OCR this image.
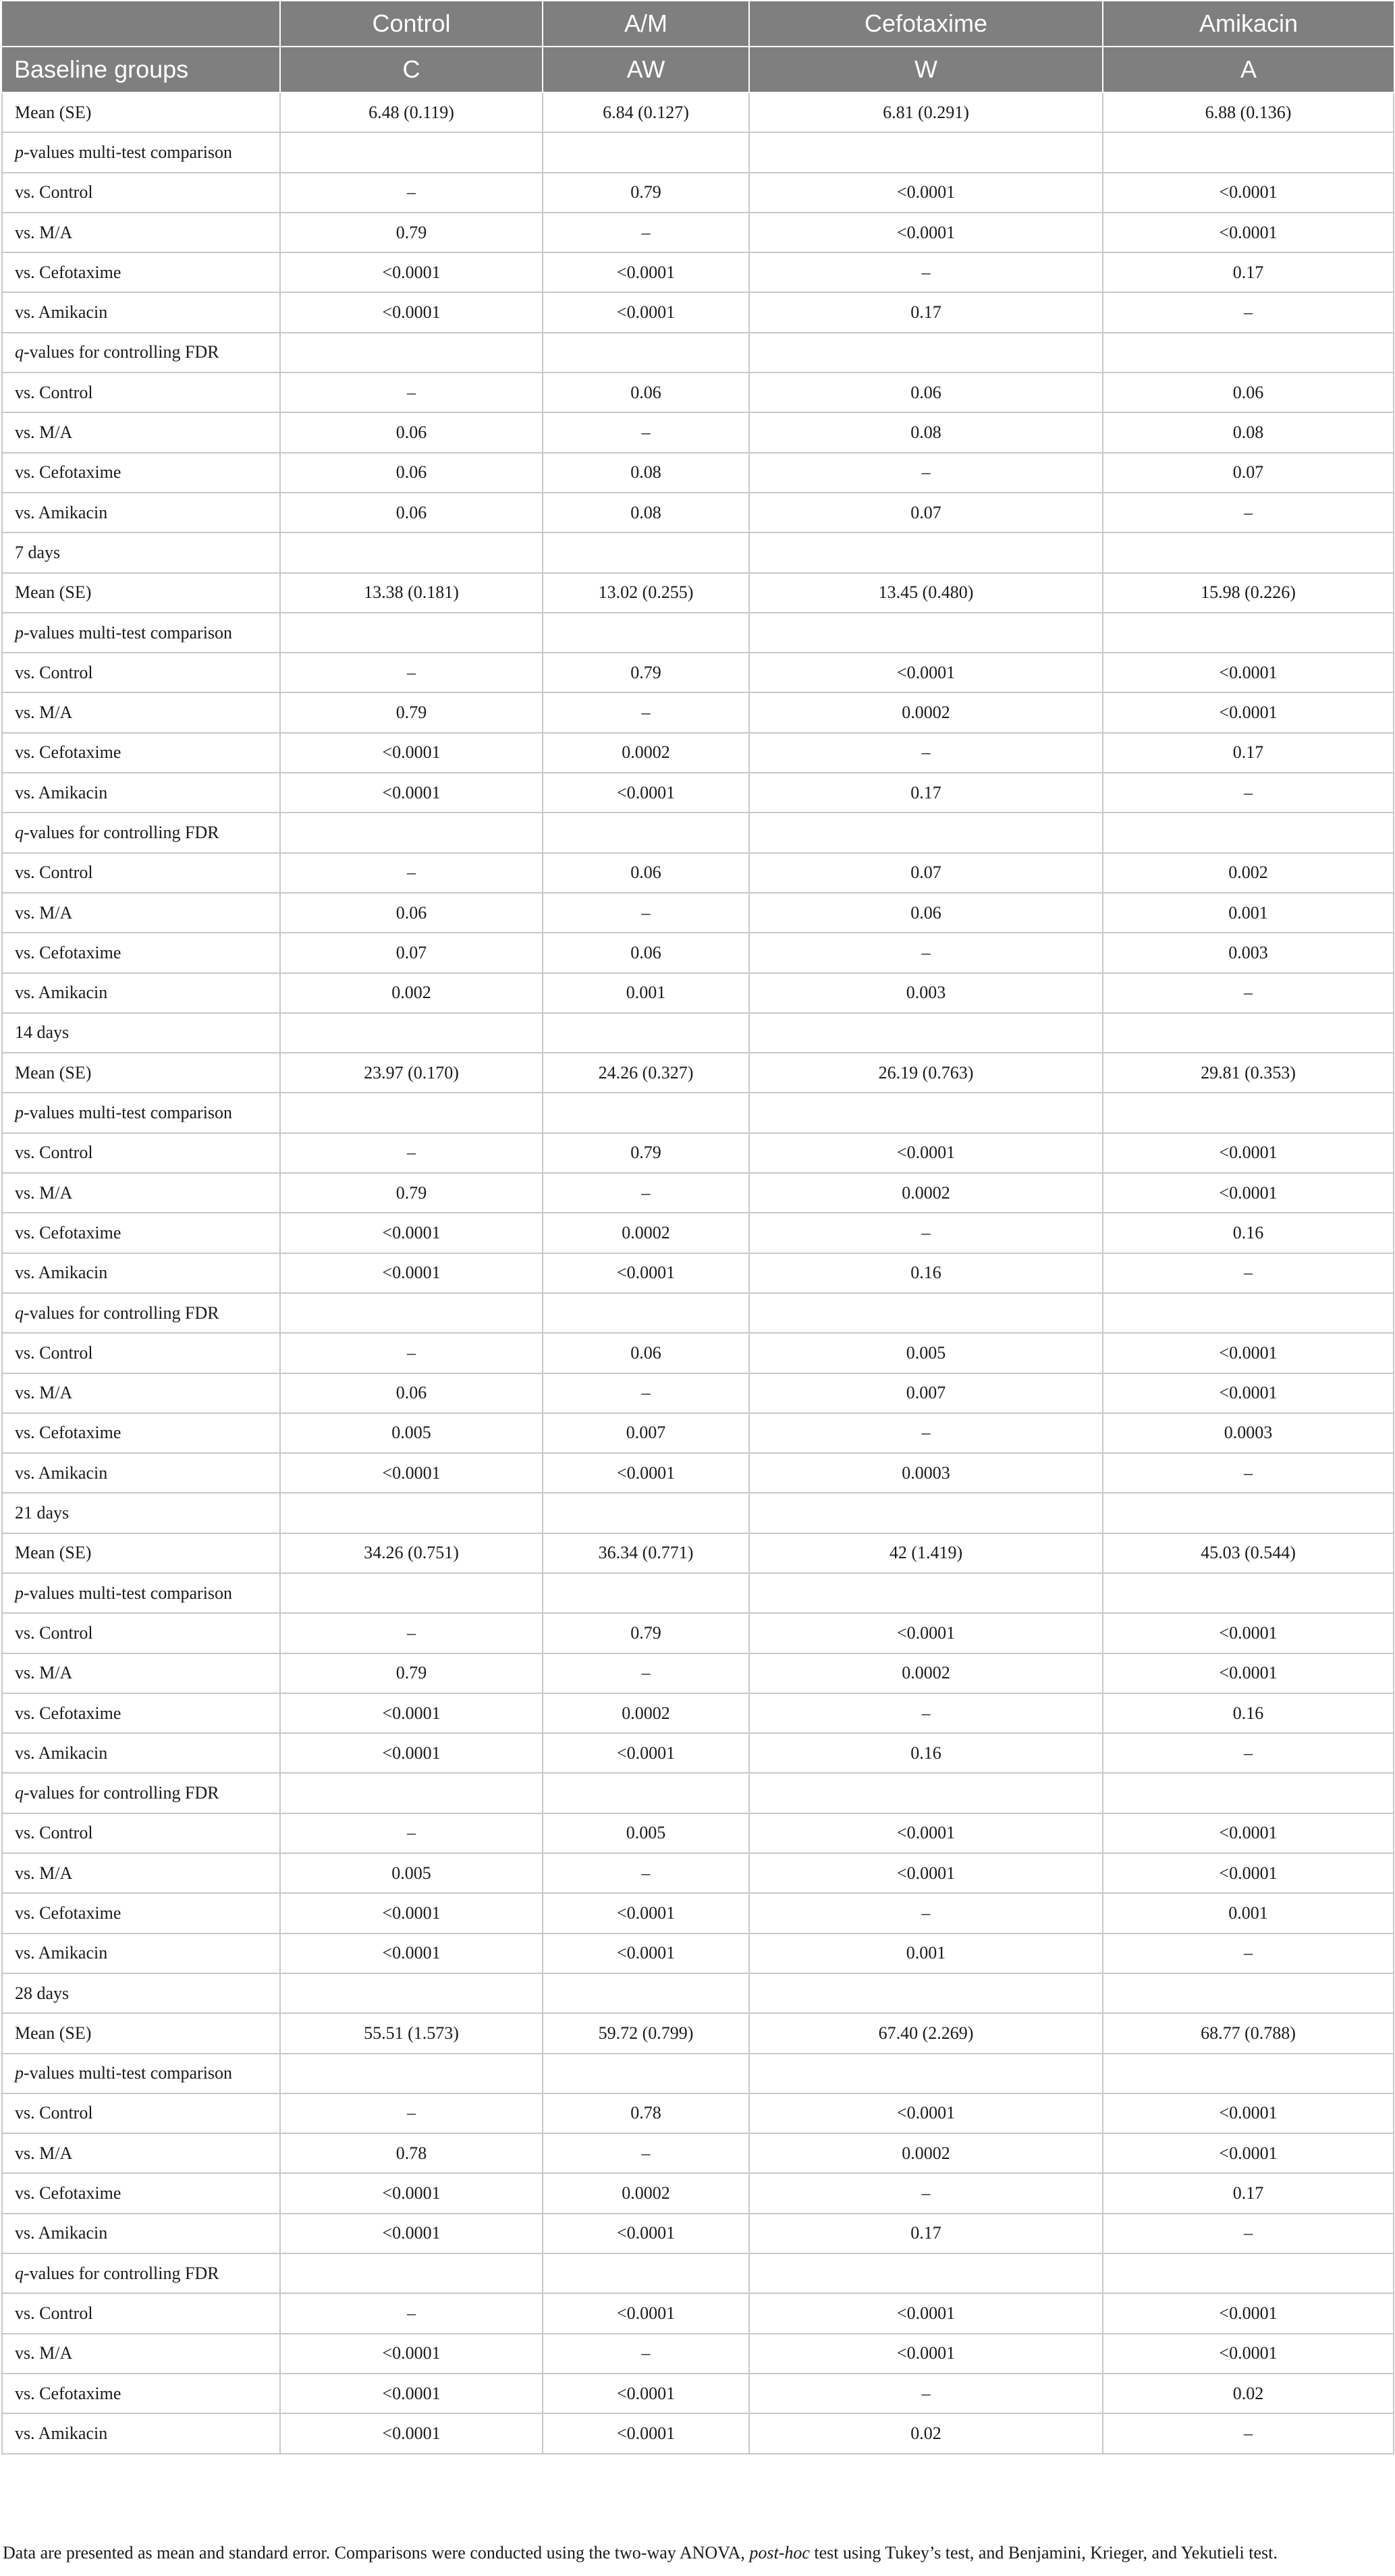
	Control	A/M	Cefotaxime	Amikacin
Baseline groups	C	AW	W	A
Mean (SE)	6.48 (0.119)	6.84 (0.127)	6.81 (0.291)	6.88 (0.136)
p-values multi-test comparison				
vs. Control	–	0.79	<0.0001	<0.0001
vs. M/A	0.79	–	<0.0001	<0.0001
vs. Cefotaxime	<0.0001	<0.0001	–	0.17
vs. Amikacin	<0.0001	<0.0001	0.17	–
q-values for controlling FDR				
vs. Control	–	0.06	0.06	0.06
vs. M/A	0.06	–	0.08	0.08
vs. Cefotaxime	0.06	0.08	–	0.07
vs. Amikacin	0.06	0.08	0.07	–
7 days				
Mean (SE)	13.38 (0.181)	13.02 (0.255)	13.45 (0.480)	15.98 (0.226)
p-values multi-test comparison				
vs. Control	–	0.79	<0.0001	<0.0001
vs. M/A	0.79	–	0.0002	<0.0001
vs. Cefotaxime	<0.0001	0.0002	–	0.17
vs. Amikacin	<0.0001	<0.0001	0.17	–
q-values for controlling FDR				
vs. Control	–	0.06	0.07	0.002
vs. M/A	0.06	–	0.06	0.001
vs. Cefotaxime	0.07	0.06	–	0.003
vs. Amikacin	0.002	0.001	0.003	–
14 days				
Mean (SE)	23.97 (0.170)	24.26 (0.327)	26.19 (0.763)	29.81 (0.353)
p-values multi-test comparison				
vs. Control	–	0.79	<0.0001	<0.0001
vs. M/A	0.79	–	0.0002	<0.0001
vs. Cefotaxime	<0.0001	0.0002	–	0.16
vs. Amikacin	<0.0001	<0.0001	0.16	–
q-values for controlling FDR				
vs. Control	–	0.06	0.005	<0.0001
vs. M/A	0.06	–	0.007	<0.0001
vs. Cefotaxime	0.005	0.007	–	0.0003
vs. Amikacin	<0.0001	<0.0001	0.0003	–
21 days				
Mean (SE)	34.26 (0.751)	36.34 (0.771)	42 (1.419)	45.03 (0.544)
p-values multi-test comparison				
vs. Control	–	0.79	<0.0001	<0.0001
vs. M/A	0.79	–	0.0002	<0.0001
vs. Cefotaxime	<0.0001	0.0002	–	0.16
vs. Amikacin	<0.0001	<0.0001	0.16	–
q-values for controlling FDR				
vs. Control	–	0.005	<0.0001	<0.0001
vs. M/A	0.005	–	<0.0001	<0.0001
vs. Cefotaxime	<0.0001	<0.0001	–	0.001
vs. Amikacin	<0.0001	<0.0001	0.001	–
28 days				
Mean (SE)	55.51 (1.573)	59.72 (0.799)	67.40 (2.269)	68.77 (0.788)
p-values multi-test comparison				
vs. Control	–	0.78	<0.0001	<0.0001
vs. M/A	0.78	–	0.0002	<0.0001
vs. Cefotaxime	<0.0001	0.0002	–	0.17
vs. Amikacin	<0.0001	<0.0001	0.17	–
q-values for controlling FDR				
vs. Control	–	<0.0001	<0.0001	<0.0001
vs. M/A	<0.0001	–	<0.0001	<0.0001
vs. Cefotaxime	<0.0001	<0.0001	–	0.02
vs. Amikacin	<0.0001	<0.0001	0.02	–
Data are presented as mean and standard error. Comparisons were conducted using the two-way ANOVA, post-hoc test using Tukey’s test, and Benjamini, Krieger, and Yekutieli test.
